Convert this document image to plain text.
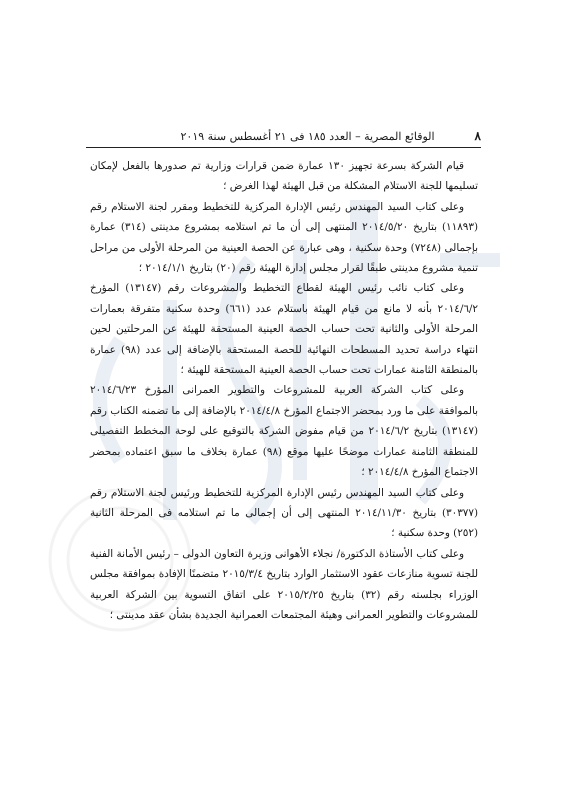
٨
الوقائع المصرية – العدد ١٨٥ فى ٢١ أغسطس سنة ٢٠١٩

قيام الشركة بسرعة تجهيز ١٣٠ عمارة ضمن قرارات وزارية تم صدورها بالفعل لإمكان تسليمها للجنة الاستلام المشكلة من قبل الهيئة لهذا الغرض ؛

وعلى كتاب السيد المهندس رئيس الإدارة المركزية للتخطيط ومقرر لجنة الاستلام رقم (١١٨٩٣) بتاريخ ٢٠١٤/٥/٢٠ المنتهى إلى أن ما تم استلامه بمشروع مدينتى (٣١٤) عمارة بإجمالى (٧٢٤٨) وحدة سكنية ، وهى عبارة عن الحصة العينية من المرحلة الأولى من مراحل تنمية مشروع مدينتى طبقًا لقرار مجلس إدارة الهيئة رقم (٢٠) بتاريخ ٢٠١٤/١/١ ؛

وعلى كتاب نائب رئيس الهيئة لقطاع التخطيط والمشروعات رقم (١٣١٤٧) المؤرخ ٢٠١٤/٦/٢ بأنه لا مانع من قيام الهيئة باستلام عدد (٦٦١) وحدة سكنية متفرقة بعمارات المرحلة الأولى والثانية تحت حساب الحصة العينية المستحقة للهيئة عن المرحلتين لحين انتهاء دراسة تحديد المسطحات النهائية للحصة المستحقة بالإضافة إلى عدد (٩٨) عمارة بالمنطقة الثامنة عمارات تحت حساب الحصة العينية المستحقة للهيئة ؛

وعلى كتاب الشركة العربية للمشروعات والتطوير العمرانى المؤرخ ٢٠١٤/٦/٢٣ بالموافقة على ما ورد بمحضر الاجتماع المؤرخ ٢٠١٤/٤/٨ بالإضافة إلى ما تضمنه الكتاب رقم (١٣١٤٧) بتاريخ ٢٠١٤/٦/٢ من قيام مفوض الشركة بالتوقيع على لوحة المخطط التفصيلى للمنطقة الثامنة عمارات موضحًا عليها موقع (٩٨) عمارة بخلاف ما سبق اعتماده بمحضر الاجتماع المؤرخ ٢٠١٤/٤/٨ ؛

وعلى كتاب السيد المهندس رئيس الإدارة المركزية للتخطيط ورئيس لجنة الاستلام رقم (٣٠٣٧٧) بتاريخ ٢٠١٤/١١/٣٠ المنتهى إلى أن إجمالى ما تم استلامه فى المرحلة الثانية (٢٥٢) وحدة سكنية ؛

وعلى كتاب الأستاذة الدكتورة/ نجلاء الأهوانى وزيرة التعاون الدولى – رئيس الأمانة الفنية للجنة تسوية منازعات عقود الاستثمار الوارد بتاريخ ٢٠١٥/٣/٤ متضمنًا الإفادة بموافقة مجلس الوزراء بجلسته رقم (٣٢) بتاريخ ٢٠١٥/٢/٢٥ على اتفاق التسوية بين الشركة العربية للمشروعات والتطوير العمرانى وهيئة المجتمعات العمرانية الجديدة بشأن عقد مدينتى ؛
